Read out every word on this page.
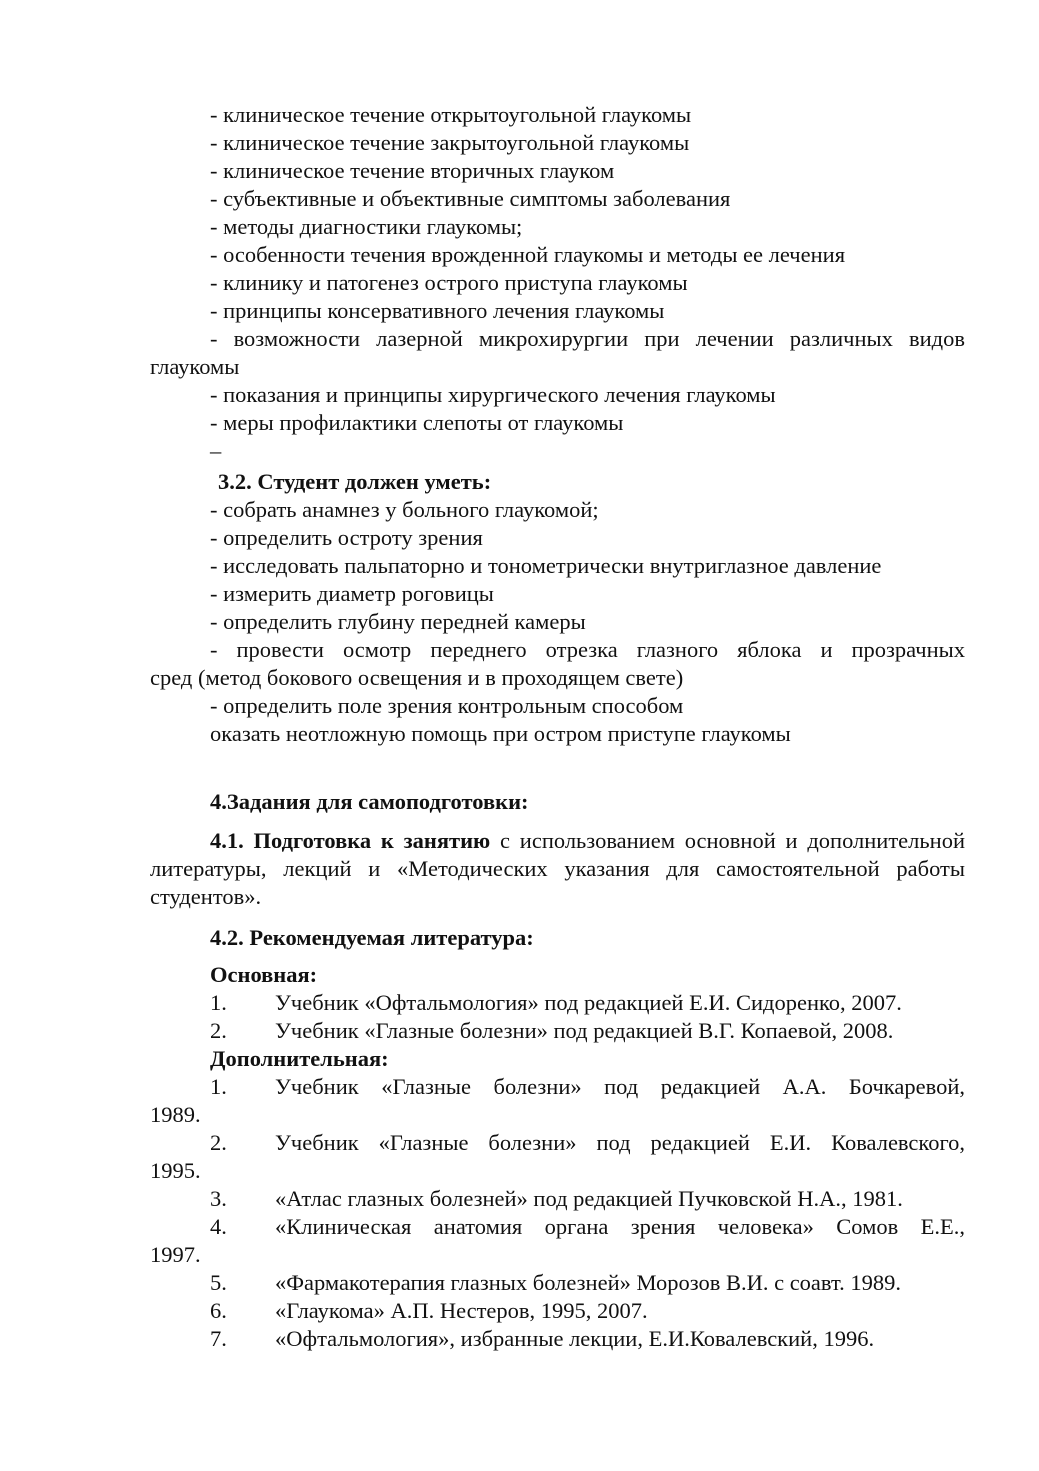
- клиническое течение открытоугольной глаукомы
- клиническое течение закрытоугольной глаукомы
- клиническое течение вторичных глауком
- субъективные и объективные симптомы заболевания
- методы диагностики глаукомы;
- особенности течения врожденной глаукомы и методы ее лечения
- клинику и патогенез острого приступа глаукомы
- принципы консервативного лечения глаукомы
- возможности лазерной микрохирургии при лечении различных видов
глаукомы
- показания и принципы хирургического лечения глаукомы
- меры профилактики слепоты от глаукомы
–
3.2. Студент должен уметь:
- собрать анамнез у больного глаукомой;
- определить остроту зрения
- исследовать пальпаторно и тонометрически внутриглазное давление
- измерить диаметр роговицы
- определить глубину передней камеры
- провести осмотр переднего отрезка глазного яблока и прозрачных
сред (метод бокового освещения и в проходящем свете)
- определить поле зрения контрольным способом
оказать неотложную помощь при остром приступе глаукомы
4.Задания для самоподготовки:
4.1. Подготовка к занятию с использованием основной и дополнительной литературы, лекций и «Методических указания для самостоятельной работы студентов».
4.2. Рекомендуемая литература:
Основная:
1.	Учебник «Офтальмология» под редакцией Е.И. Сидоренко, 2007.
2.	Учебник «Глазные болезни» под редакцией В.Г. Копаевой, 2008.
Дополнительная:
1.	Учебник «Глазные болезни» под редакцией А.А. Бочкаревой,
1989.
2.	Учебник «Глазные болезни» под редакцией Е.И. Ковалевского,
1995.
3.	«Атлас глазных болезней» под редакцией Пучковской Н.А., 1981.
4.	«Клиническая анатомия органа зрения человека» Сомов Е.Е.,
1997.
5.	«Фармакотерапия глазных болезней» Морозов В.И. с соавт. 1989.
6.	«Глаукома» А.П. Нестеров, 1995, 2007.
7.	«Офтальмология», избранные лекции, Е.И.Ковалевский, 1996.
